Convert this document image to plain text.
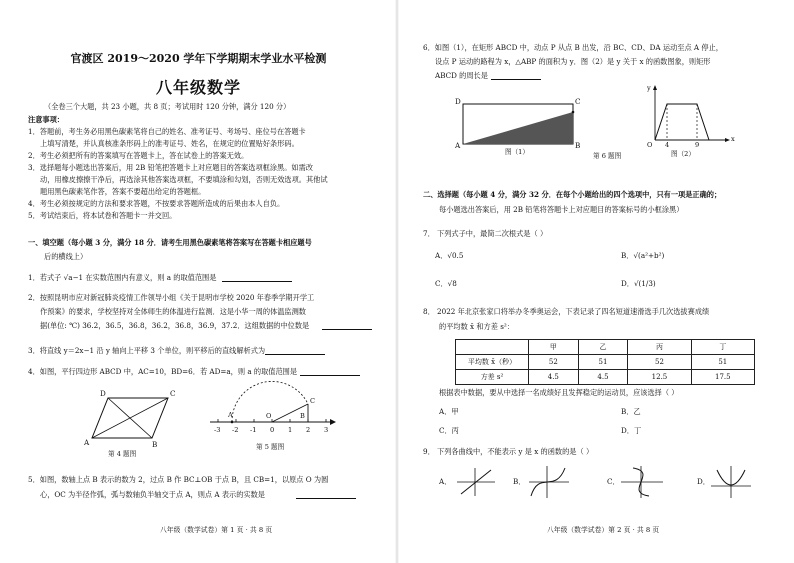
官渡区 2019～2020 学年下学期期末学业水平检测
八年级数学
（全卷三个大题，共 23 小题，共 8 页；考试用时 120 分钟，满分 120 分）
注意事项：
1．答题前，考生务必用黑色碳素笔将自己的姓名、准考证号、考场号、座位号在答题卡
上填写清楚，并认真核准条形码上的准考证号、姓名，在规定的位置贴好条形码。
2．考生必须把所有的答案填写在答题卡上，答在试卷上的答案无效。
3．选择题每小题选出答案后，用 2B 铅笔把答题卡上对应题目的答案选项框涂黑。如需改
动，用橡皮擦擦干净后，再选涂其他答案选项框，不要填涂和勾划，否则无效选项。其他试
题用黑色碳素笔作答，答案不要超出给定的答题框。
4．考生必须按规定的方法和要求答题，不按要求答题所造成的后果由本人自负。
5．考试结束后，将本试卷和答题卡一并交回。
一、填空题（每小题 3 分，满分 18 分．请考生用黑色碳素笔将答案写在答题卡相应题号
后的横线上）
1．若式子 √a−1 在实数范围内有意义，则 a 的取值范围是
2．按照昆明市应对新冠肺炎疫情工作领导小组《关于昆明市学校 2020 年春季学期开学工
作预案》的要求，学校坚持对全体师生的体温进行监测．这是小华一周的体温监测数
据(单位: ℃) 36.2，36.5，36.8，36.2，36.8，36.9，37.2．这组数据的中位数是
3．将直线 y＝2x−1 沿 y 轴向上平移 3 个单位，则平移后的直线解析式为
4．如图，平行四边形 ABCD 中，AC=10，BD=6．若 AD=a，则 a 的取值范围是
D	C
A	B
第 4 题图
-3 -2 -1 0 1 2 3
A	O	B
C
第 5 题图
5．如图，数轴上点 B 表示的数为 2，过点 B 作 BC⊥OB 于点 B，且 CB=1，以原点 O 为圆
心，OC 为半径作弧，弧与数轴负半轴交于点 A，则点 A 表示的实数是
八年级（数学试卷）第 1 页 · 共 8 页
6．如图（1），在矩形 ABCD 中，动点 P 从点 B 出发，沿 BC、CD、DA 运动至点 A 停止，
设点 P 运动的路程为 x，△ABP 的面积为 y．图（2）是 y 关于 x 的函数图象，则矩形
ABCD 的周长是
D	C
A	B
图（1）
y
x
O 4	9
图（2）
第 6 题图
二、选择题（每小题 4 分，满分 32 分．在每个小题给出的四个选项中，只有一项是正确的；
每小题选出答案后，用 2B 铅笔将答题卡上对应题目的答案标号的小框涂黑）
7． 下列式子中，最简二次根式是（ ）
A．√0.5	B．√(a²+b²)
C．√8	D．√(1/3)
8． 2022 年北京张家口将举办冬季奥运会，下表记录了四名短道速滑选手几次选拔赛成绩
的平均数 x̄ 和方差 s²：
	甲	乙	丙	丁
平均数 x̄（秒）	52	51	52	51
方差 s²	4.5	4.5	12.5	17.5
根据表中数据，要从中选择一名成绩好且发挥稳定的运动员，应该选择（ ）
A．甲	B．乙
C．丙	D．丁
9． 下列各曲线中，不能表示 y 是 x 的函数的是（ ）
A．	B．	C．	D．
八年级（数学试卷）第 2 页 · 共 8 页
